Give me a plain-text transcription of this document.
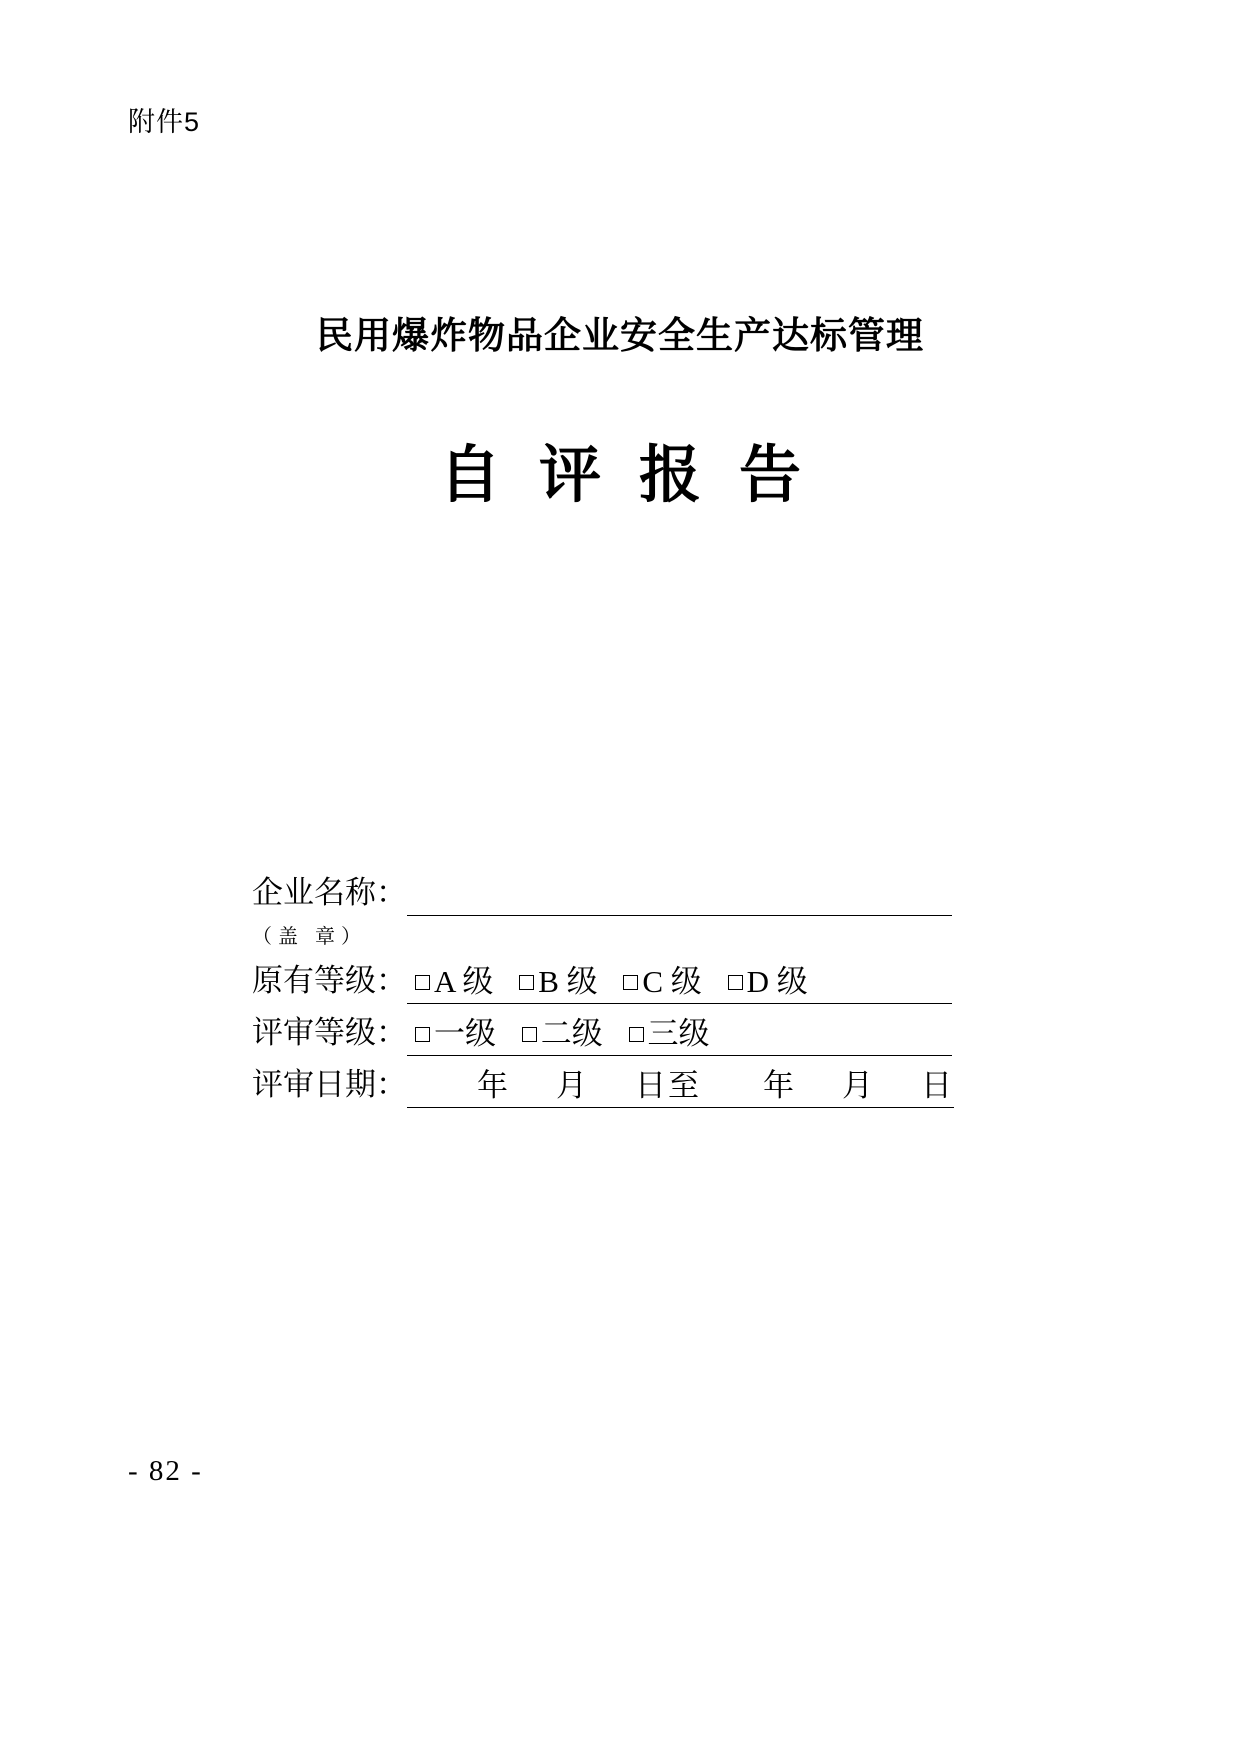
附件5
民用爆炸物品企业安全生产达标管理
自评报告
企业名称：
（盖 章）
原有等级： A 级 B 级 C 级 D 级
评审等级： 一级 二级 三级
评审日期：	年 月 日至 年 月 日
- 82 -
